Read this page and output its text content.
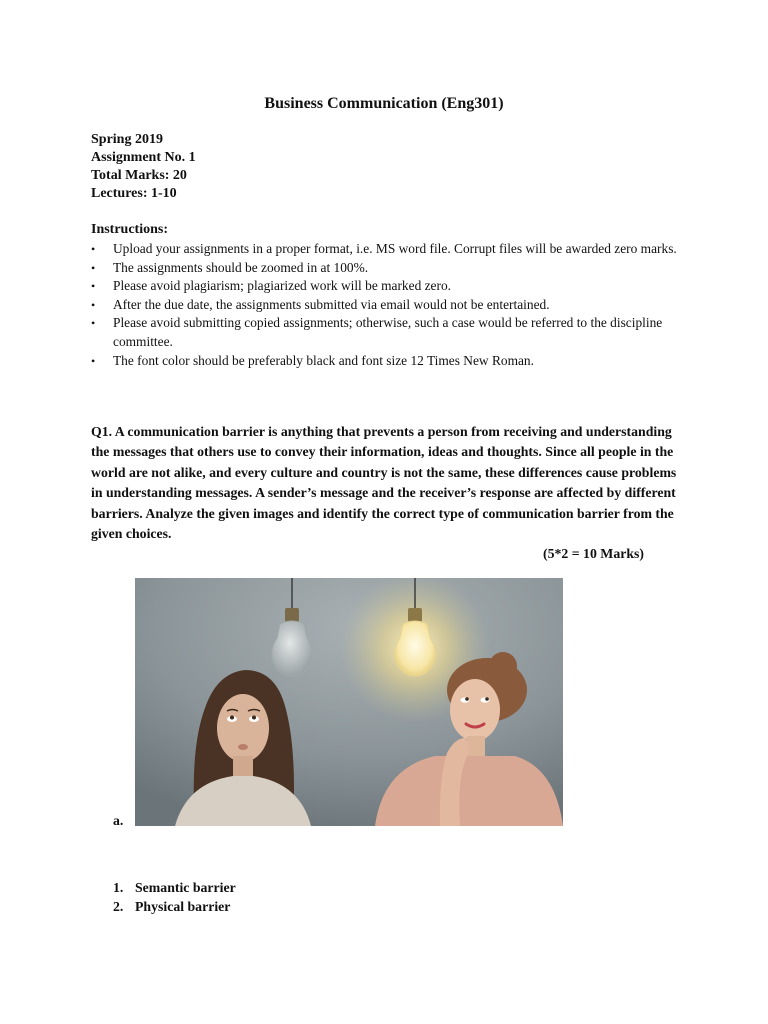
Business Communication (Eng301)
Spring 2019
Assignment No. 1
Total Marks: 20
Lectures: 1-10
Instructions:
• Upload your assignments in a proper format, i.e. MS word file. Corrupt files will be awarded zero marks.
• The assignments should be zoomed in at 100%.
• Please avoid plagiarism; plagiarized work will be marked zero.
• After the due date, the assignments submitted via email would not be entertained.
• Please avoid submitting copied assignments; otherwise, such a case would be referred to the discipline committee.
• The font color should be preferably black and font size 12 Times New Roman.
Q1. A communication barrier is anything that prevents a person from receiving and understanding the messages that others use to convey their information, ideas and thoughts. Since all people in the world are not alike, and every culture and country is not the same, these differences cause problems in understanding messages. A sender’s message and the receiver’s response are affected by different barriers. Analyze the given images and identify the correct type of communication barrier from the given choices.
(5*2 = 10 Marks)
a.
1. Semantic barrier
2. Physical barrier
